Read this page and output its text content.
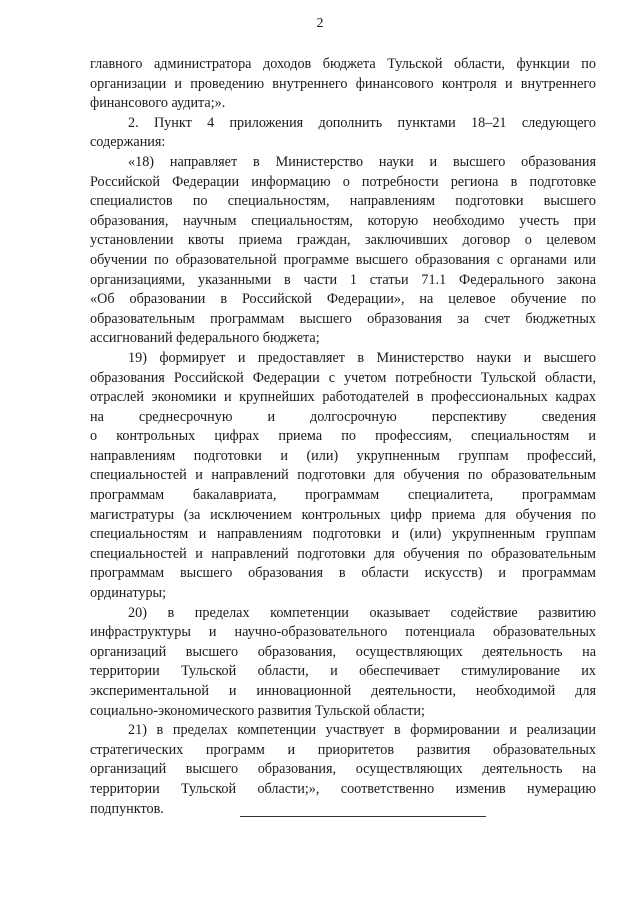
2
главного администратора доходов бюджета Тульской области, функции по
организации и проведению внутреннего финансового контроля и внутреннего
финансового аудита;».
2. Пункт 4 приложения дополнить пунктами 18–21 следующего
содержания:
«18) направляет в Министерство науки и высшего образования
Российской Федерации информацию о потребности региона в подготовке
специалистов по специальностям, направлениям подготовки высшего
образования, научным специальностям, которую необходимо учесть при
установлении квоты приема граждан, заключивших договор о целевом
обучении по образовательной программе высшего образования с органами или
организациями, указанными в части 1 статьи 71.1 Федерального закона
«Об образовании в Российской Федерации», на целевое обучение по
образовательным программам высшего образования за счет бюджетных
ассигнований федерального бюджета;
19) формирует и предоставляет в Министерство науки и высшего
образования Российской Федерации с учетом потребности Тульской области,
отраслей экономики и крупнейших работодателей в профессиональных кадрах
на среднесрочную и долгосрочную перспективу сведения
о контрольных цифрах приема по профессиям, специальностям и
направлениям подготовки и (или) укрупненным группам профессий,
специальностей и направлений подготовки для обучения по образовательным
программам бакалавриата, программам специалитета, программам
магистратуры (за исключением контрольных цифр приема для обучения по
специальностям и направлениям подготовки и (или) укрупненным группам
специальностей и направлений подготовки для обучения по образовательным
программам высшего образования в области искусств) и программам
ординатуры;
20) в пределах компетенции оказывает содействие развитию
инфраструктуры и научно-образовательного потенциала образовательных
организаций высшего образования, осуществляющих деятельность на
территории Тульской области, и обеспечивает стимулирование их
экспериментальной и инновационной деятельности, необходимой для
социально-экономического развития Тульской области;
21) в пределах компетенции участвует в формировании и реализации
стратегических программ и приоритетов развития образовательных
организаций высшего образования, осуществляющих деятельность на
территории Тульской области;», соответственно изменив нумерацию
подпунктов.
